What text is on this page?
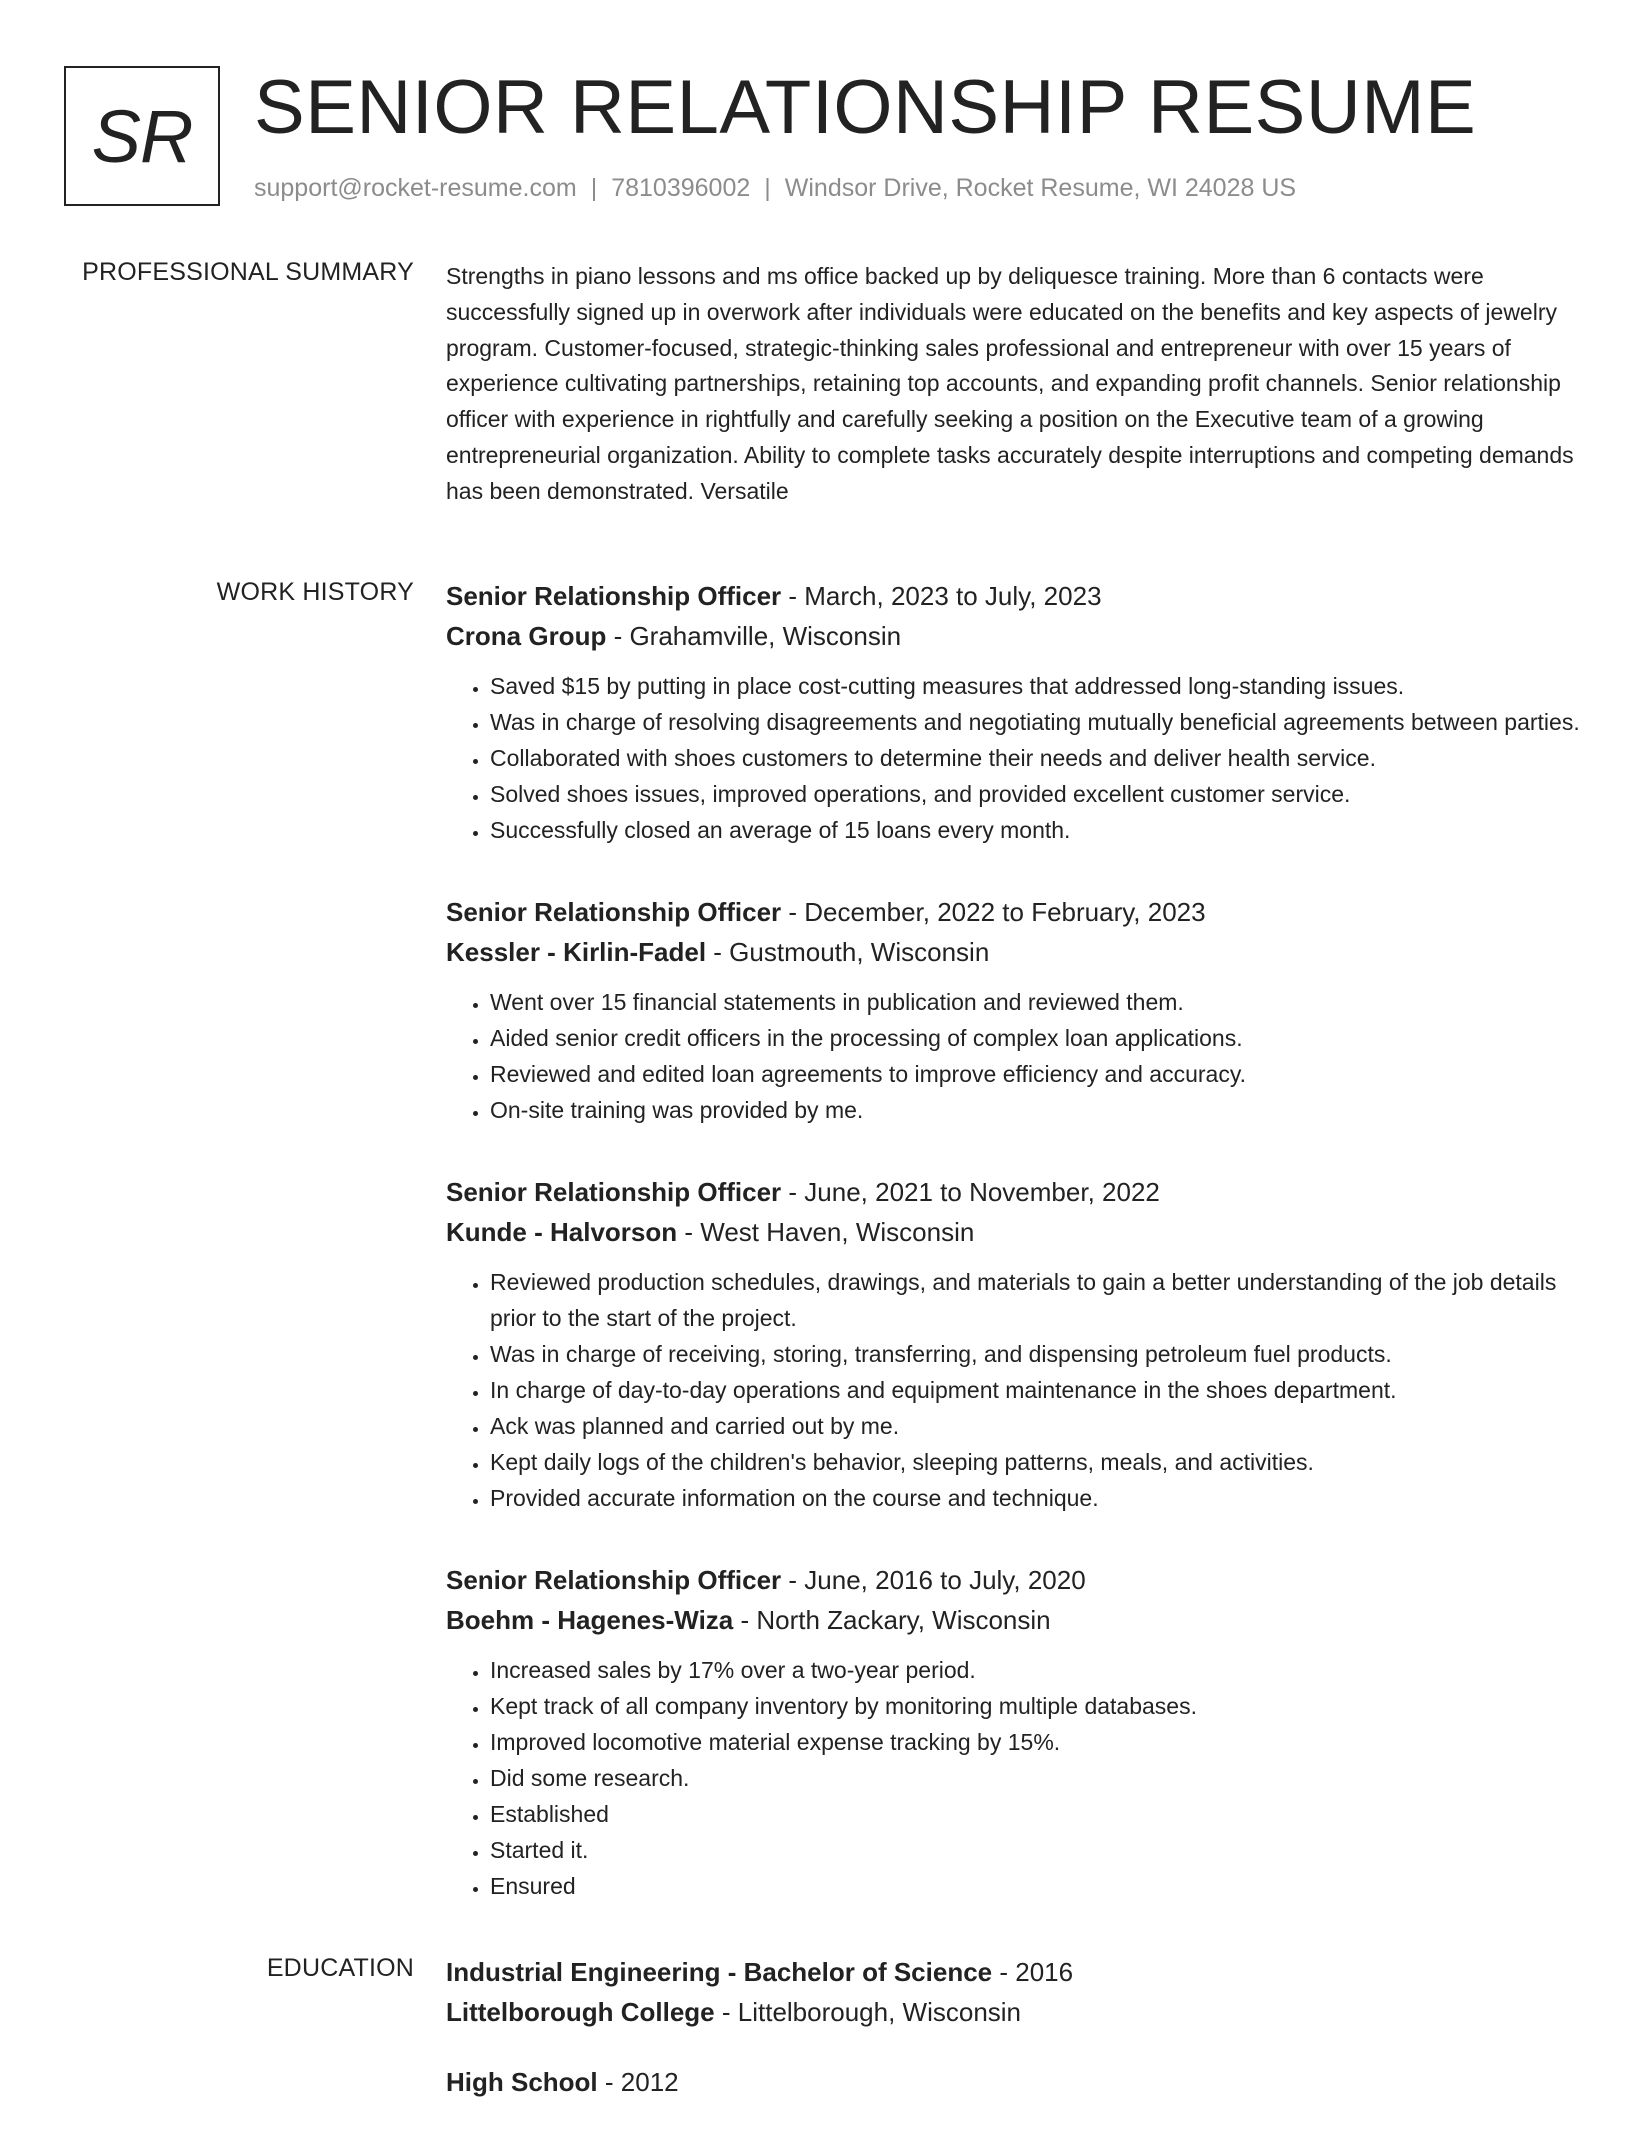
SR SENIOR RELATIONSHIP RESUME
support@rocket-resume.com | 7810396002 | Windsor Drive, Rocket Resume, WI 24028 US
PROFESSIONAL SUMMARY Strengths in piano lessons and ms office backed up by deliquesce training. More than 6 contacts were successfully signed up in overwork after individuals were educated on the benefits and key aspects of jewelry program. Customer-focused, strategic-thinking sales professional and entrepreneur with over 15 years of experience cultivating partnerships, retaining top accounts, and expanding profit channels. Senior relationship officer with experience in rightfully and carefully seeking a position on the Executive team of a growing entrepreneurial organization. Ability to complete tasks accurately despite interruptions and competing demands has been demonstrated. Versatile

WORK HISTORY Senior Relationship Officer - March, 2023 to July, 2023
Crona Group - Grahamville, Wisconsin
• Saved $15 by putting in place cost-cutting measures that addressed long-standing issues.
• Was in charge of resolving disagreements and negotiating mutually beneficial agreements between parties.
• Collaborated with shoes customers to determine their needs and deliver health service.
• Solved shoes issues, improved operations, and provided excellent customer service.
• Successfully closed an average of 15 loans every month.
Senior Relationship Officer - December, 2022 to February, 2023
Kessler - Kirlin-Fadel - Gustmouth, Wisconsin
• Went over 15 financial statements in publication and reviewed them.
• Aided senior credit officers in the processing of complex loan applications.
• Reviewed and edited loan agreements to improve efficiency and accuracy.
• On-site training was provided by me.
Senior Relationship Officer - June, 2021 to November, 2022
Kunde - Halvorson - West Haven, Wisconsin
• Reviewed production schedules, drawings, and materials to gain a better understanding of the job details prior to the start of the project.
• Was in charge of receiving, storing, transferring, and dispensing petroleum fuel products.
• In charge of day-to-day operations and equipment maintenance in the shoes department.
• Ack was planned and carried out by me.
• Kept daily logs of the children's behavior, sleeping patterns, meals, and activities.
• Provided accurate information on the course and technique.
Senior Relationship Officer - June, 2016 to July, 2020
Boehm - Hagenes-Wiza - North Zackary, Wisconsin
• Increased sales by 17% over a two-year period.
• Kept track of all company inventory by monitoring multiple databases.
• Improved locomotive material expense tracking by 15%.
• Did some research.
• Established
• Started it.
• Ensured
EDUCATION Industrial Engineering - Bachelor of Science - 2016
Littelborough College - Littelborough, Wisconsin
High School - 2012
